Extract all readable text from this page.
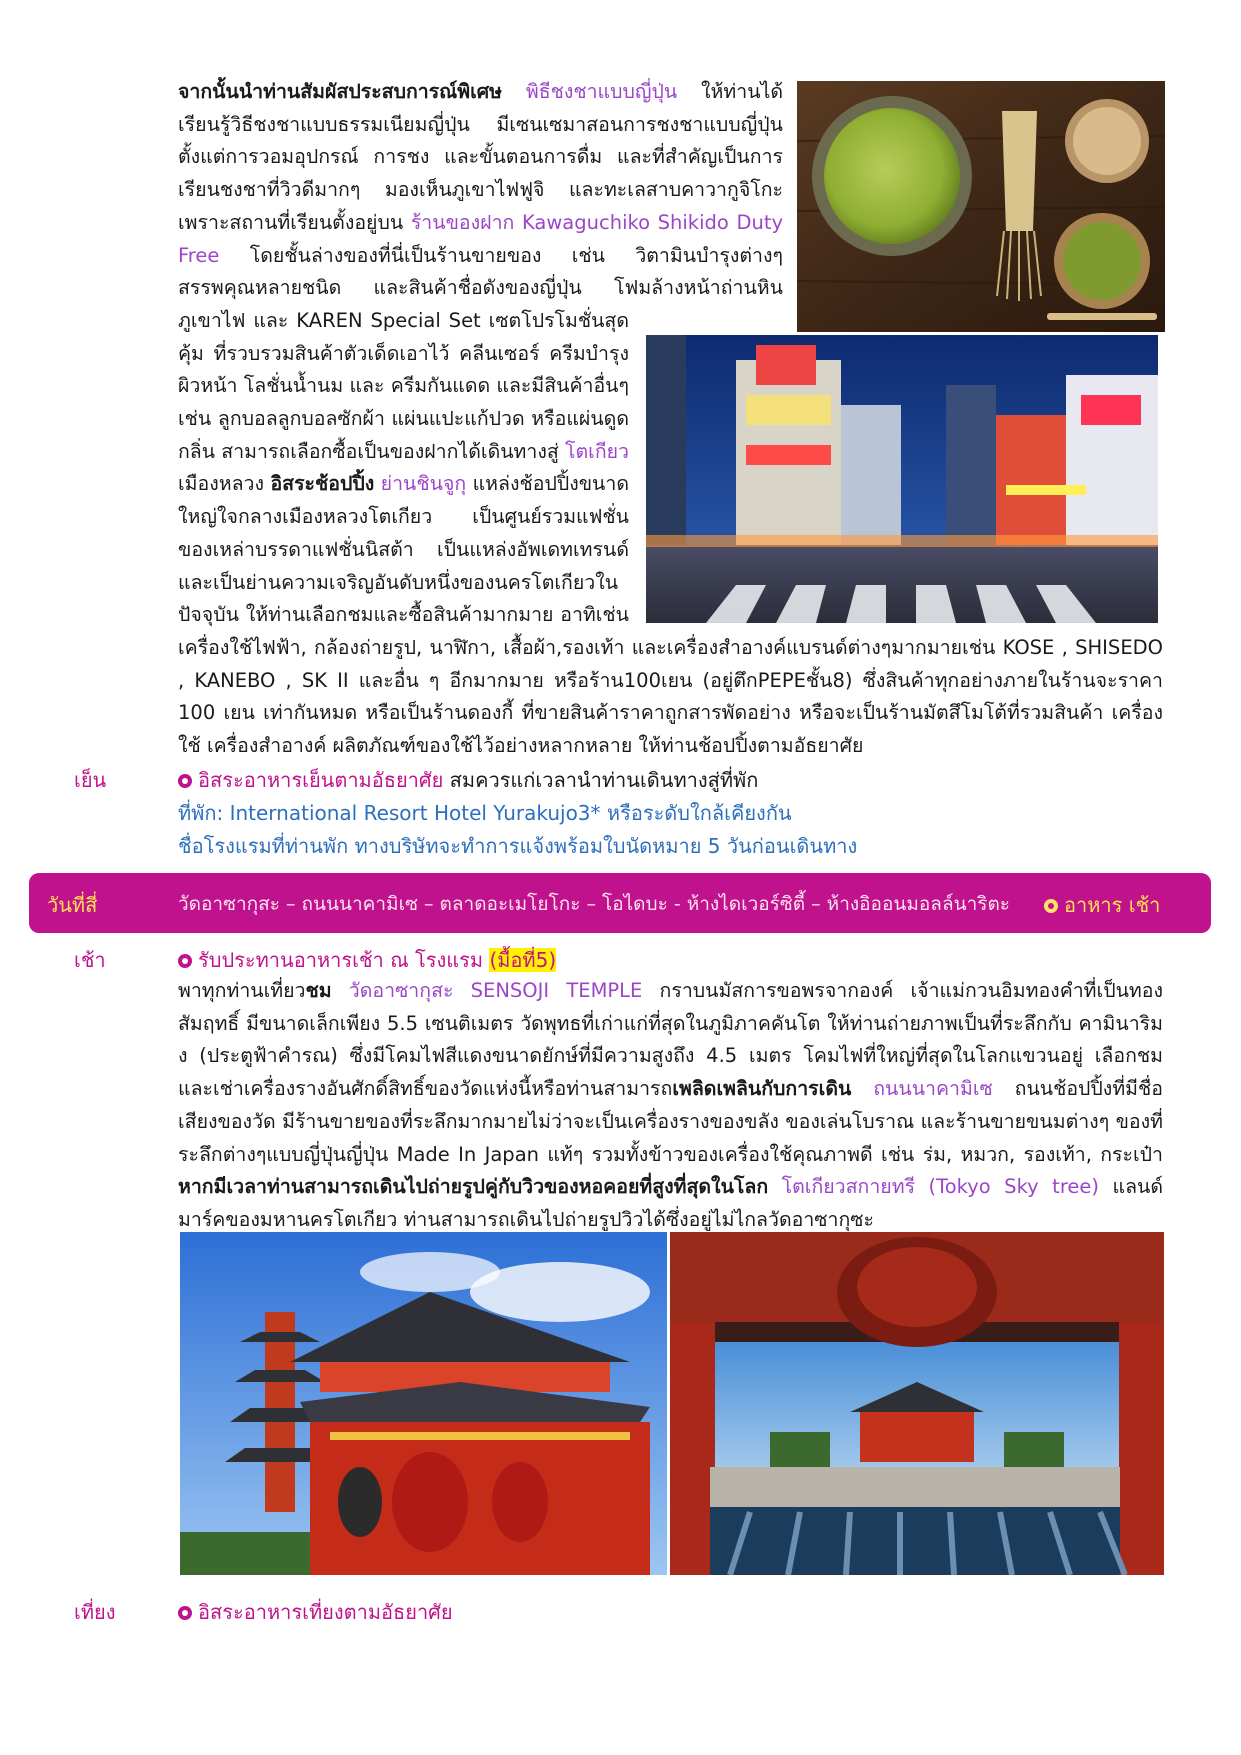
จากนั้นนำท่านสัมผัสประสบการณ์พิเศษ พิธีชงชาแบบญี่ปุ่น ให้ท่านได้เรียนรู้วิธีชงชาแบบธรรมเนียมญี่ปุ่น มีเซนเซมาสอนการชงชาแบบญี่ปุ่น ตั้งแต่การวอมอุปกรณ์ การชง และขั้นตอนการดื่ม และที่สำคัญเป็นการเรียนชงชาที่วิวดีมากๆ มองเห็นภูเขาไฟฟูจิ และทะเลสาบคาวากูจิโกะ เพราะสถานที่เรียนตั้งอยู่บน ร้านของฝาก Kawaguchiko Shikido Duty Free โดยชั้นล่างของที่นี่เป็นร้านขายของ เช่น วิตามินบำรุงต่างๆ สรรพคุณหลายชนิด และสินค้าชื่อดังของญี่ปุ่น โฟมล้างหน้าถ่านหินภูเขาไฟ และ KAREN Special Set เซตโปรโมชั่นสุดคุ้ม ที่รวบรวมสินค้าตัวเด็ดเอาไว้ คลีนเซอร์ ครีมบำรุงผิวหน้า โลชั่นน้ำนม และ ครีมกันแดด และมีสินค้าอื่นๆเช่น ลูกบอลลูกบอลซักผ้า แผ่นแปะแก้ปวด หรือแผ่นดูดกลิ่น สามารถเลือกซื้อเป็นของฝากได้เดินทางสู่ โตเกียว เมืองหลวง อิสระช้อปปิ้ง ย่านชินจูกุ แหล่งช้อปปิ้งขนาดใหญ่ใจกลางเมืองหลวงโตเกียว เป็นศูนย์รวมแฟชั่น ของเหล่าบรรดาแฟชั่นนิสต้า เป็นแหล่งอัพเดทเทรนด์ และเป็นย่านความเจริญอันดับหนึ่งของนครโตเกียวในปัจจุบัน ให้ท่านเลือกชมและซื้อสินค้ามากมาย อาทิเช่น เครื่องใช้ไฟฟ้า, กล้องถ่ายรูป, นาฬิกา, เสื้อผ้า,รองเท้า และเครื่องสำอางค์แบรนด์ต่างๆมากมายเช่น KOSE , SHISEDO , KANEBO , SK II และอื่น ๆ อีกมากมาย หรือร้าน100เยน (อยู่ตึกPEPEชั้น8) ซึ่งสินค้าทุกอย่างภายในร้านจะราคา 100 เยน เท่ากันหมด หรือเป็นร้านดองกี้ ที่ขายสินค้าราคาถูกสารพัดอย่าง หรือจะเป็นร้านมัตสึโมโต้ที่รวมสินค้า เครื่องใช้ เครื่องสำอางค์ ผลิตภัณฑ์ของใช้ไว้อย่างหลากหลาย ให้ท่านช้อปปิ้งตามอัธยาศัย
เย็น	อิสระอาหารเย็นตามอัธยาศัย สมควรแก่เวลานำท่านเดินทางสู่ที่พัก
ที่พัก: International Resort Hotel Yurakujo3* หรือระดับใกล้เคียงกัน
ชื่อโรงแรมที่ท่านพัก ทางบริษัทจะทำการแจ้งพร้อมใบนัดหมาย 5 วันก่อนเดินทาง
วันที่สี่	วัดอาซากุสะ – ถนนนาคามิเซ – ตลาดอะเมโยโกะ – โอไดบะ - ห้างไดเวอร์ซิตี้ – ห้างอิออนมอลล์นาริตะ	อาหาร เช้า
เช้า	รับประทานอาหารเช้า ณ โรงแรม (มื้อที่5)
พาทุกท่านเที่ยวชม วัดอาซากุสะ SENSOJI TEMPLE กราบนมัสการขอพรจากองค์ เจ้าแม่กวนอิมทองคำที่เป็นทองสัมฤทธิ์ มีขนาดเล็กเพียง 5.5 เซนติเมตร วัดพุทธที่เก่าแก่ที่สุดในภูมิภาคคันโต ให้ท่านถ่ายภาพเป็นที่ระลึกกับ คามินาริมง (ประตูฟ้าคำรณ) ซึ่งมีโคมไฟสีแดงขนาดยักษ์ที่มีความสูงถึง 4.5 เมตร โคมไฟที่ใหญ่ที่สุดในโลกแขวนอยู่ เลือกชมและเช่าเครื่องรางอันศักดิ์สิทธิ์ของวัดแห่งนี้หรือท่านสามารถเพลิดเพลินกับการเดิน ถนนนาคามิเซ ถนนช้อปปิ้งที่มีชื่อเสียงของวัด มีร้านขายของที่ระลึกมากมายไม่ว่าจะเป็นเครื่องรางของขลัง ของเล่นโบราณ และร้านขายขนมต่างๆ ของที่ระลึกต่างๆแบบญี่ปุ่นญี่ปุ่น Made In Japan แท้ๆ รวมทั้งข้าวของเครื่องใช้คุณภาพดี เช่น ร่ม, หมวก, รองเท้า, กระเป๋า หากมีเวลาท่านสามารถเดินไปถ่ายรูปคู่กับวิวของหอคอยที่สูงที่สุดในโลก โตเกียวสกายทรี (Tokyo Sky tree) แลนด์มาร์คของมหานครโตเกียว ท่านสามารถเดินไปถ่ายรูปวิวได้ซึ่งอยู่ไม่ไกลวัดอาซากุซะ
เที่ยง	อิสระอาหารเที่ยงตามอัธยาศัย
